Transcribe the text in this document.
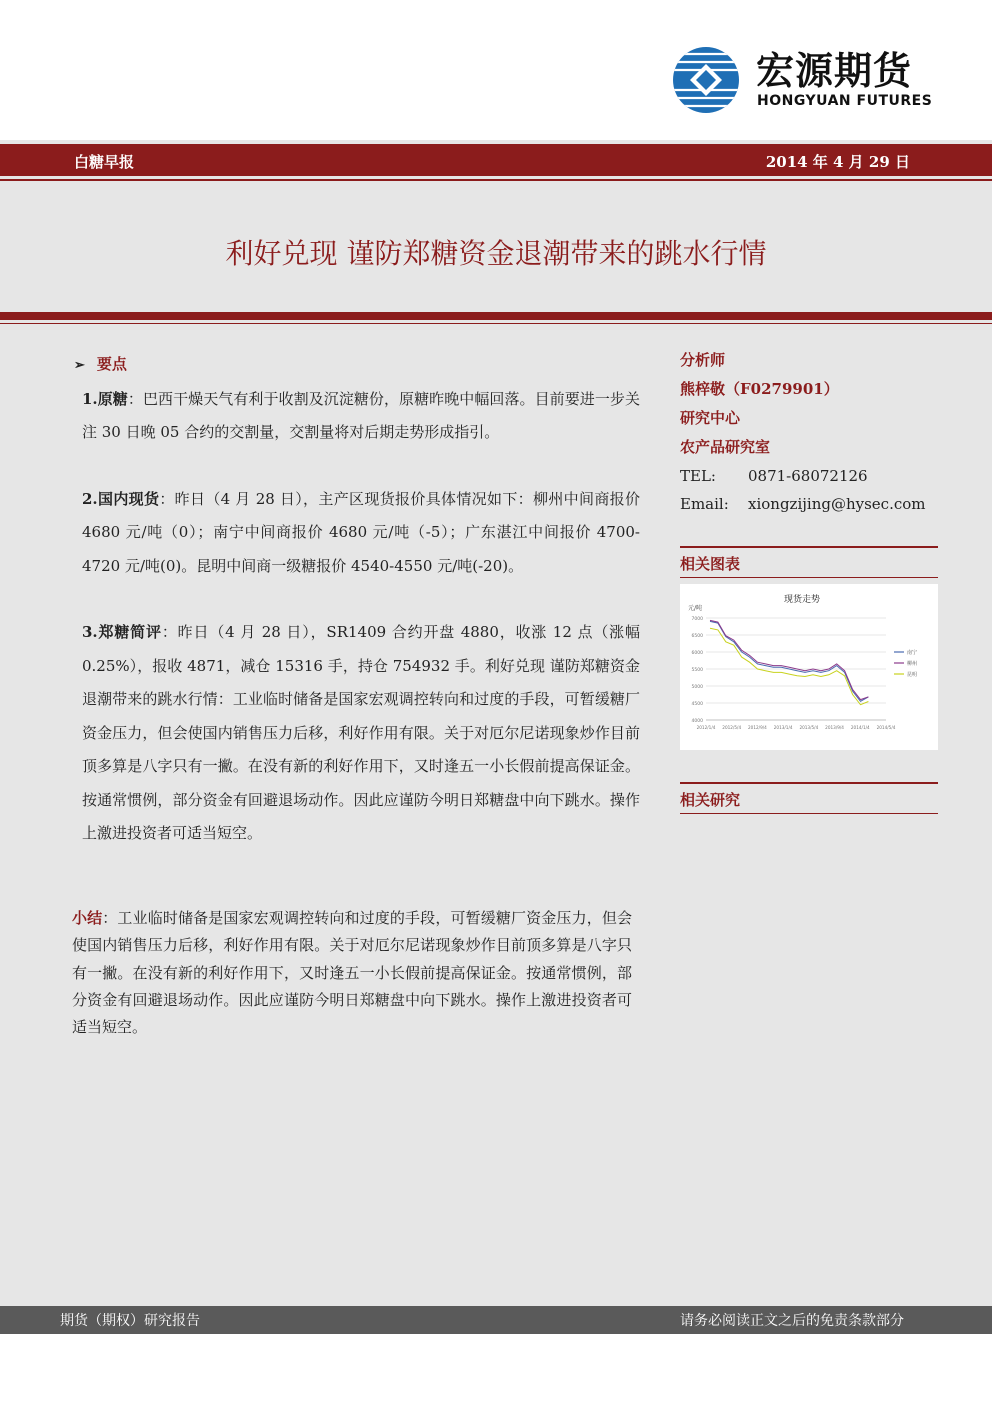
宏源期货
HONGYUAN FUTURES
白糖早报	2014 年 4 月 29 日
利好兑现 谨防郑糖资金退潮带来的跳水行情
➢ 要点
1.原糖：巴西干燥天气有利于收割及沉淀糖份，原糖昨晚中幅回落。目前要进一步关注 30 日晚 05 合约的交割量，交割量将对后期走势形成指引。
2.国内现货：昨日（4 月 28 日），主产区现货报价具体情况如下：柳州中间商报价 4680 元/吨（0）；南宁中间商报价 4680 元/吨（-5）；广东湛江中间报价 4700-4720 元/吨(0)。昆明中间商一级糖报价 4540-4550 元/吨(-20)。
3.郑糖简评：昨日（4 月 28 日），SR1409 合约开盘 4880，收涨 12 点（涨幅 0.25%），报收 4871，减仓 15316 手，持仓 754932 手。利好兑现 谨防郑糖资金退潮带来的跳水行情：工业临时储备是国家宏观调控转向和过度的手段，可暂缓糖厂资金压力，但会使国内销售压力后移，利好作用有限。关于对厄尔尼诺现象炒作目前顶多算是八字只有一撇。在没有新的利好作用下，又时逢五一小长假前提高保证金。按通常惯例，部分资金有回避退场动作。因此应谨防今明日郑糖盘中向下跳水。操作上激进投资者可适当短空。
小结：工业临时储备是国家宏观调控转向和过度的手段，可暂缓糖厂资金压力，但会使国内销售压力后移，利好作用有限。关于对厄尔尼诺现象炒作目前顶多算是八字只有一撇。在没有新的利好作用下，又时逢五一小长假前提高保证金。按通常惯例，部分资金有回避退场动作。因此应谨防今明日郑糖盘中向下跳水。操作上激进投资者可适当短空。
分析师
熊梓敬（F0279901）
研究中心
农产品研究室
TEL: 0871-68072126
Email: xiongzijing@hysec.com
相关图表
现货走势
元/吨
4000
4500
5000
5500
6000
6500
7000
2012/1/4 2012/5/4 2012/9/4 2013/1/4 2013/5/4 2013/9/4 2014/1/4 2014/5/4
南宁
柳州
昆明
相关研究
期货（期权）研究报告	请务必阅读正文之后的免责条款部分
